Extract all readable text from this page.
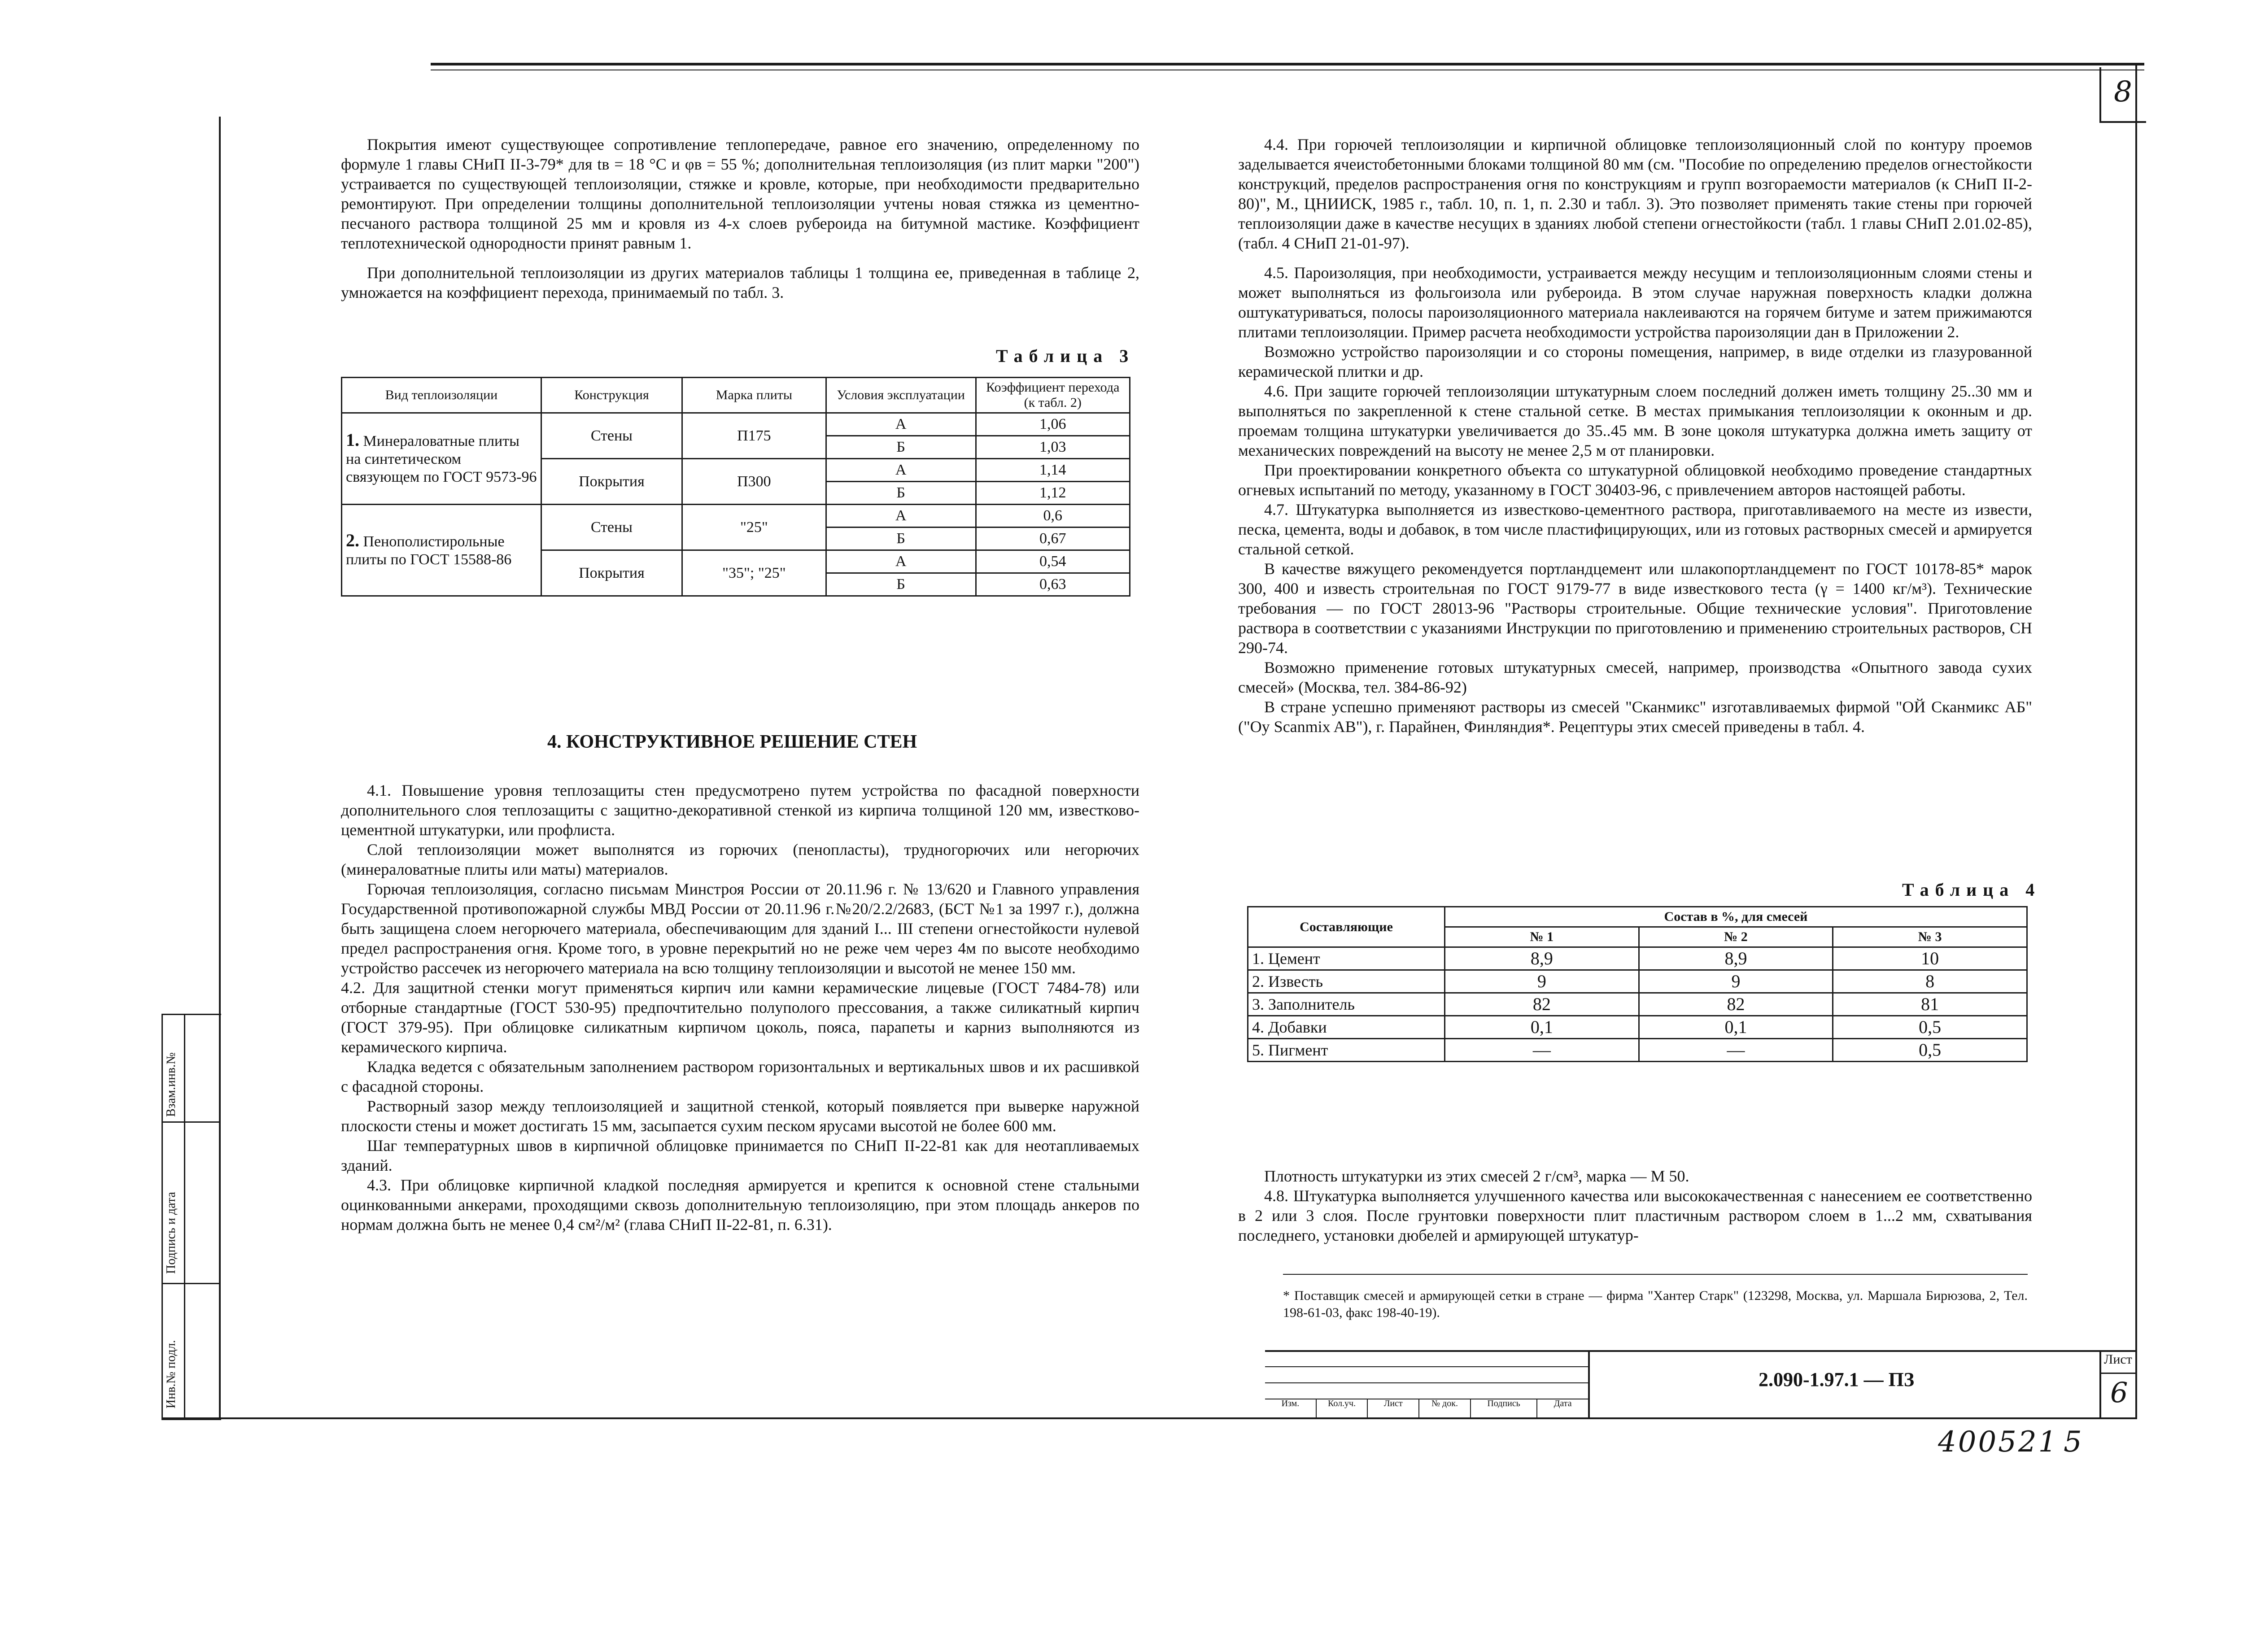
8
Взам.инв.№
Подпись и дата
Инв.№ подл.

Покрытия имеют существующее сопротивление теплопередаче, равное его значению, определенному по формуле 1 главы СНиП II-3-79* для tв = 18 °С и φв = 55 %; дополнительная теплоизоляция (из плит марки "200") устраивается по существующей теплоизоляции, стяжке и кровле, которые, при необходимости предварительно ремонтируют. При определении толщины дополнительной теплоизоляции учтены новая стяжка из цементно-песчаного раствора толщиной 25 мм и кровля из 4-х слоев рубероида на битумной мастике. Коэффициент теплотехнической однородности принят равным 1.

При дополнительной теплоизоляции из других материалов таблицы 1 толщина ее, приведенная в таблице 2, умножается на коэффициент перехода, принимаемый по табл. 3.

Таблица 3
Вид теплоизоляции	Конструкция	Марка плиты	Условия эксплуатации	Коэффициент перехода (к табл. 2)
1. Минераловатные плиты на синтетическом связующем по ГОСТ 9573-96	Стены	П175	А	1,06
			Б	1,03
	Покрытия	П300	А	1,14
			Б	1,12
2. Пенополистирольные плиты по ГОСТ 15588-86	Стены	"25"	А	0,6
			Б	0,67
	Покрытия	"35"; "25"	А	0,54
			Б	0,63
4. КОНСТРУКТИВНОЕ РЕШЕНИЕ СТЕН

4.1. Повышение уровня теплозащиты стен предусмотрено путем устройства по фасадной поверхности дополнительного слоя теплозащиты с защитно-декоративной стенкой из кирпича толщиной 120 мм, известково-цементной штукатурки, или профлиста.

Слой теплоизоляции может выполнятся из горючих (пенопласты), трудногорючих или негорючих (минераловатные плиты или маты) материалов.

Горючая теплоизоляция, согласно письмам Минстроя России от 20.11.96 г. № 13/620 и Главного управления Государственной противопожарной службы МВД России от 20.11.96 г.№20/2.2/2683, (БСТ №1 за 1997 г.), должна быть защищена слоем негорючего материала, обеспечивающим для зданий I... III степени огнестойкости нулевой предел распространения огня. Кроме того, в уровне перекрытий но не реже чем через 4м по высоте необходимо устройство рассечек из негорючего материала на всю толщину теплоизоляции и высотой не менее 150 мм.

4.2. Для защитной стенки могут применяться кирпич или камни керамические лицевые (ГОСТ 7484-78) или отборные стандартные (ГОСТ 530-95) предпочтительно полуполого прессования, а также силикатный кирпич (ГОСТ 379-95). При облицовке силикатным кирпичом цоколь, пояса, парапеты и карниз выполняются из керамического кирпича.

Кладка ведется с обязательным заполнением раствором горизонтальных и вертикальных швов и их расшивкой с фасадной стороны.

Растворный зазор между теплоизоляцией и защитной стенкой, который появляется при выверке наружной плоскости стены и может достигать 15 мм, засыпается сухим песком ярусами высотой не более 600 мм.

Шаг температурных швов в кирпичной облицовке принимается по СНиП II-22-81 как для неотапливаемых зданий.

4.3. При облицовке кирпичной кладкой последняя армируется и крепится к основной стене стальными оцинкованными анкерами, проходящими сквозь дополнительную теплоизоляцию, при этом площадь анкеров по нормам должна быть не менее 0,4 см²/м² (глава СНиП II-22-81, п. 6.31).

4.4. При горючей теплоизоляции и кирпичной облицовке теплоизоляционный слой по контуру проемов заделывается ячеистобетонными блоками толщиной 80 мм (см. "Пособие по определению пределов огнестойкости конструкций, пределов распространения огня по конструкциям и групп возгораемости материалов (к СНиП II-2-80)", М., ЦНИИСК, 1985 г., табл. 10, п. 1, п. 2.30 и табл. 3). Это позволяет применять такие стены при горючей теплоизоляции даже в качестве несущих в зданиях любой степени огнестойкости (табл. 1 главы СНиП 2.01.02-85), (табл. 4 СНиП 21-01-97).

4.5. Пароизоляция, при необходимости, устраивается между несущим и теплоизоляционным слоями стены и может выполняться из фольгоизола или рубероида. В этом случае наружная поверхность кладки должна оштукатуриваться, полосы пароизоляционного материала наклеиваются на горячем битуме и затем прижимаются плитами теплоизоляции. Пример расчета необходимости устройства пароизоляции дан в Приложении 2.

Возможно устройство пароизоляции и со стороны помещения, например, в виде отделки из глазурованной керамической плитки и др.

4.6. При защите горючей теплоизоляции штукатурным слоем последний должен иметь толщину 25..30 мм и выполняться по закрепленной к стене стальной сетке. В местах примыкания теплоизоляции к оконным и др. проемам толщина штукатурки увеличивается до 35..45 мм. В зоне цоколя штукатурка должна иметь защиту от механических повреждений на высоту не менее 2,5 м от планировки.

При проектировании конкретного объекта со штукатурной облицовкой необходимо проведение стандартных огневых испытаний по методу, указанному в ГОСТ 30403-96, с привлечением авторов настоящей работы.

4.7. Штукатурка выполняется из известково-цементного раствора, приготавливаемого на месте из извести, песка, цемента, воды и добавок, в том числе пластифицирующих, или из готовых растворных смесей и армируется стальной сеткой.

В качестве вяжущего рекомендуется портландцемент или шлакопортландцемент по ГОСТ 10178-85* марок 300, 400 и известь строительная по ГОСТ 9179-77 в виде известкового теста (γ = 1400 кг/м³). Технические требования — по ГОСТ 28013-96 "Растворы строительные. Общие технические условия". Приготовление раствора в соответствии с указаниями Инструкции по приготовлению и применению строительных растворов, СН 290-74.

Возможно применение готовых штукатурных смесей, например, производства «Опытного завода сухих смесей» (Москва, тел. 384-86-92)

В стране успешно применяют растворы из смесей "Сканмикс" изготавливаемых фирмой "ОЙ Сканмикс АБ" ("Оу Scanmix AB"), г. Парайнен, Финляндия*. Рецептуры этих смесей приведены в табл. 4.

Таблица 4
Составляющие	Состав в %, для смесей		
	№ 1	№ 2	№ 3
1. Цемент	8,9	8,9	10
2. Известь	9	9	8
3. Заполнитель	82	82	81
4. Добавки	0,1	0,1	0,5
5. Пигмент	—	—	0,5

Плотность штукатурки из этих смесей 2 г/см³, марка — М 50.

4.8. Штукатурка выполняется улучшенного качества или высококачественная с нанесением ее соответственно в 2 или 3 слоя. После грунтовки поверхности плит пластичным раствором слоем в 1...2 мм, схватывания последнего, установки дюбелей и армирующей штукатур-

* Поставщик смесей и армирующей сетки в стране — фирма "Хантер Старк" (123298, Москва, ул. Маршала Бирюзова, 2, Тел. 198-61-03, факс 198-40-19).
Изм.	Кол.уч.	Лист	№ док.	Подпись	Дата
2.090-1.97.1 — ПЗ
Лист
6
400521 5
